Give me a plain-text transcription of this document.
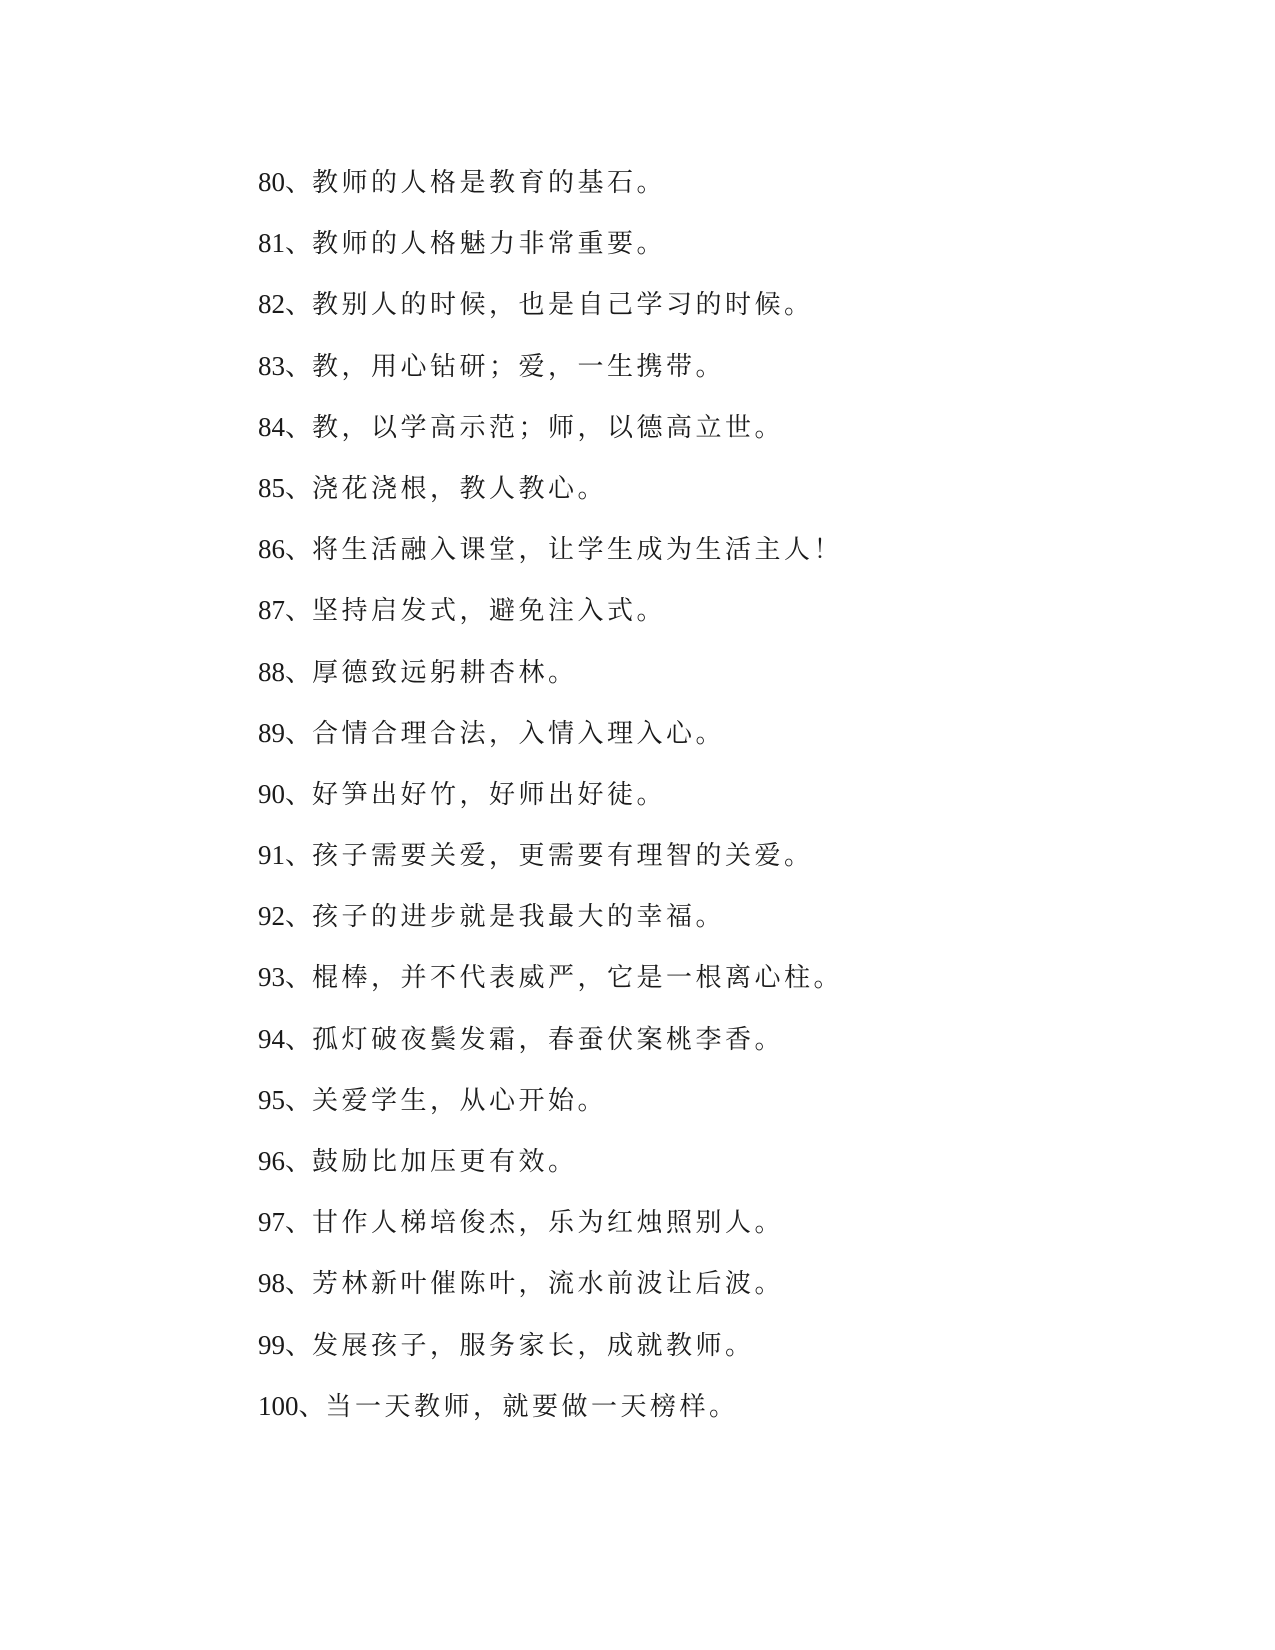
80、教师的人格是教育的基石。
81、教师的人格魅力非常重要。
82、教别人的时候，也是自己学习的时候。
83、教，用心钻研；爱，一生携带。
84、教，以学高示范；师，以德高立世。
85、浇花浇根，教人教心。
86、将生活融入课堂，让学生成为生活主人！
87、坚持启发式，避免注入式。
88、厚德致远躬耕杏林。
89、合情合理合法，入情入理入心。
90、好笋出好竹，好师出好徒。
91、孩子需要关爱，更需要有理智的关爱。
92、孩子的进步就是我最大的幸福。
93、棍棒，并不代表威严，它是一根离心柱。
94、孤灯破夜鬓发霜，春蚕伏案桃李香。
95、关爱学生，从心开始。
96、鼓励比加压更有效。
97、甘作人梯培俊杰，乐为红烛照别人。
98、芳林新叶催陈叶，流水前波让后波。
99、发展孩子，服务家长，成就教师。
100、当一天教师，就要做一天榜样。
